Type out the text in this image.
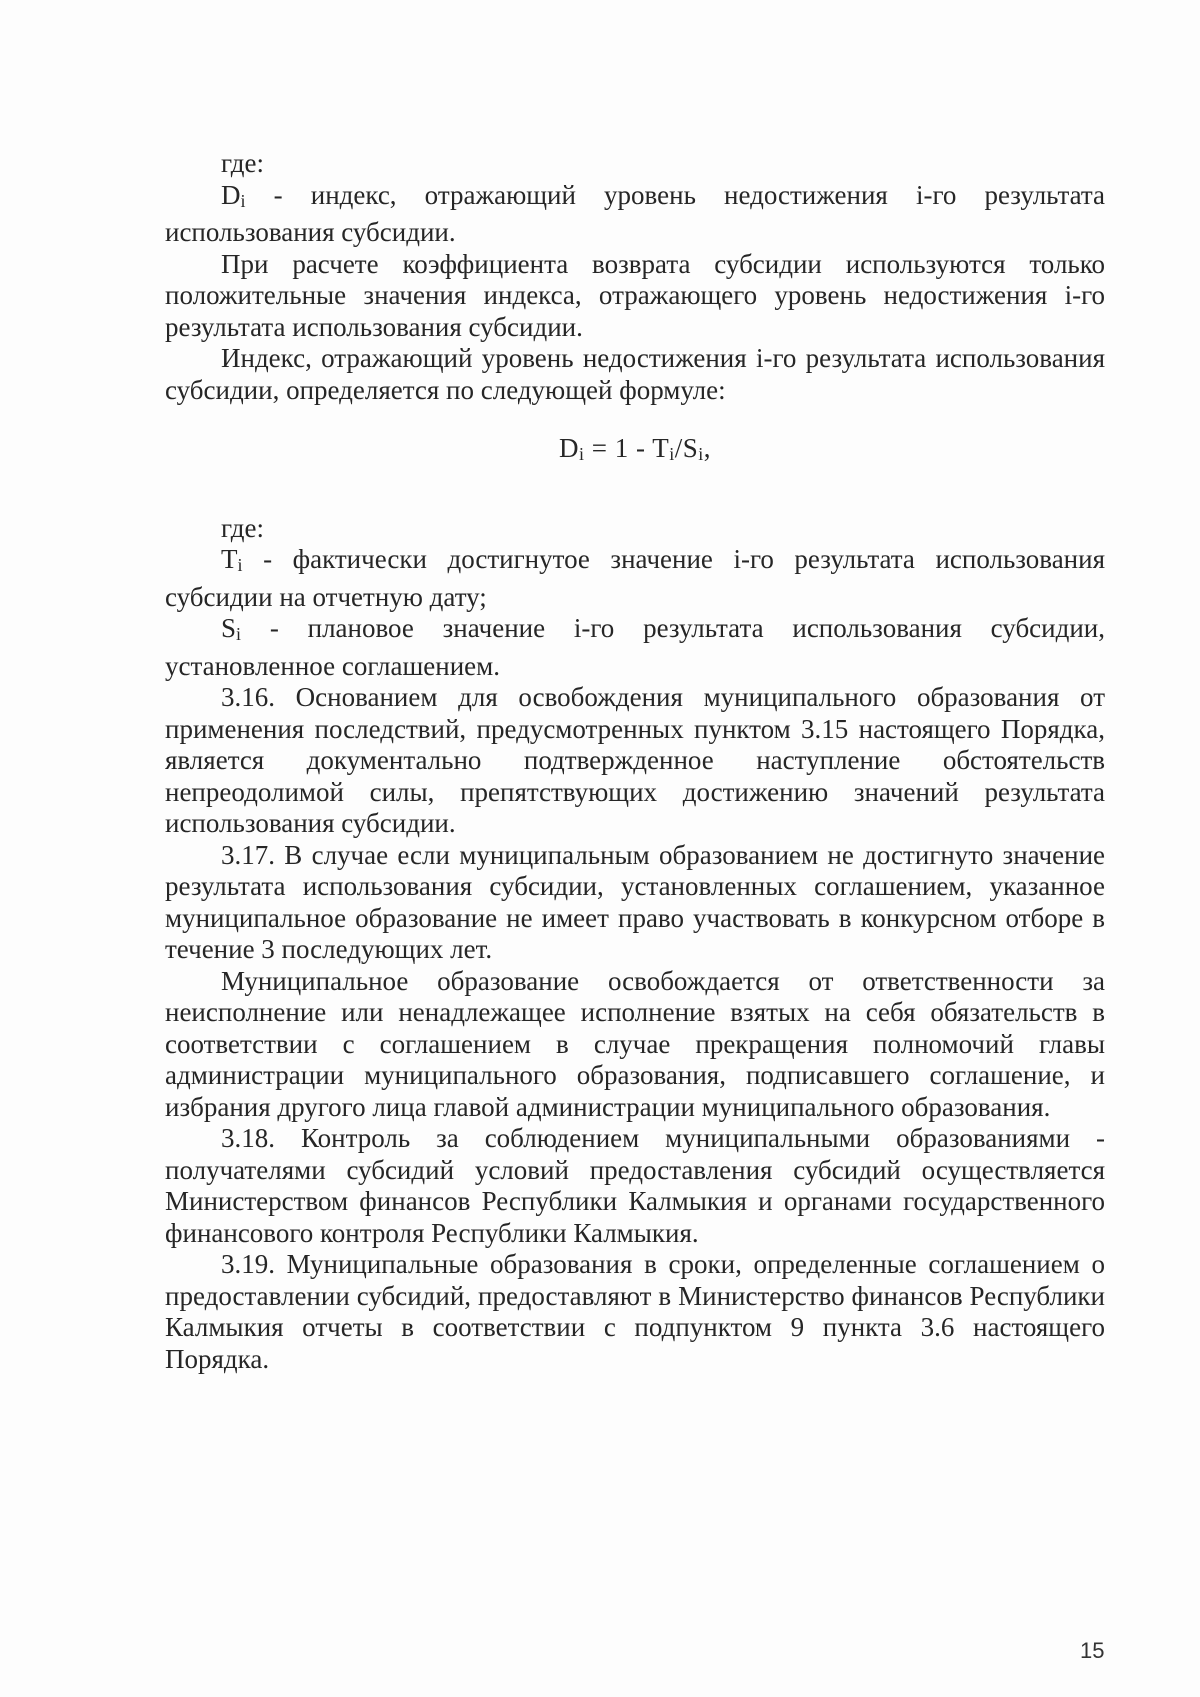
где:

$D_i$ - индекс, отражающий уровень недостижения i-го результата использования субсидии.

При расчете коэффициента возврата субсидии используются только положительные значения индекса, отражающего уровень недостижения i-го результата использования субсидии.

Индекс, отражающий уровень недостижения i-го результата использования субсидии, определяется по следующей формуле:

$D_i = 1 - T_i/S_i$,

где:

$T_i$ - фактически достигнутое значение i-го результата использования субсидии на отчетную дату;

$S_i$ - плановое значение i-го результата использования субсидии, установленное соглашением.

3.16. Основанием для освобождения муниципального образования от применения последствий, предусмотренных пунктом 3.15 настоящего Порядка, является документально подтвержденное наступление обстоятельств непреодолимой силы, препятствующих достижению значений результата использования субсидии.

3.17. В случае если муниципальным образованием не достигнуто значение результата использования субсидии, установленных соглашением, указанное муниципальное образование не имеет право участвовать в конкурсном отборе в течение 3 последующих лет.

Муниципальное образование освобождается от ответственности за неисполнение или ненадлежащее исполнение взятых на себя обязательств в соответствии с соглашением в случае прекращения полномочий главы администрации муниципального образования, подписавшего соглашение, и избрания другого лица главой администрации муниципального образования.

3.18. Контроль за соблюдением муниципальными образованиями - получателями субсидий условий предоставления субсидий осуществляется Министерством финансов Республики Калмыкия и органами государственного финансового контроля Республики Калмыкия.

3.19. Муниципальные образования в сроки, определенные соглашением о предоставлении субсидий, предоставляют в Министерство финансов Республики Калмыкия отчеты в соответствии с подпунктом 9 пункта 3.6 настоящего Порядка.

15
